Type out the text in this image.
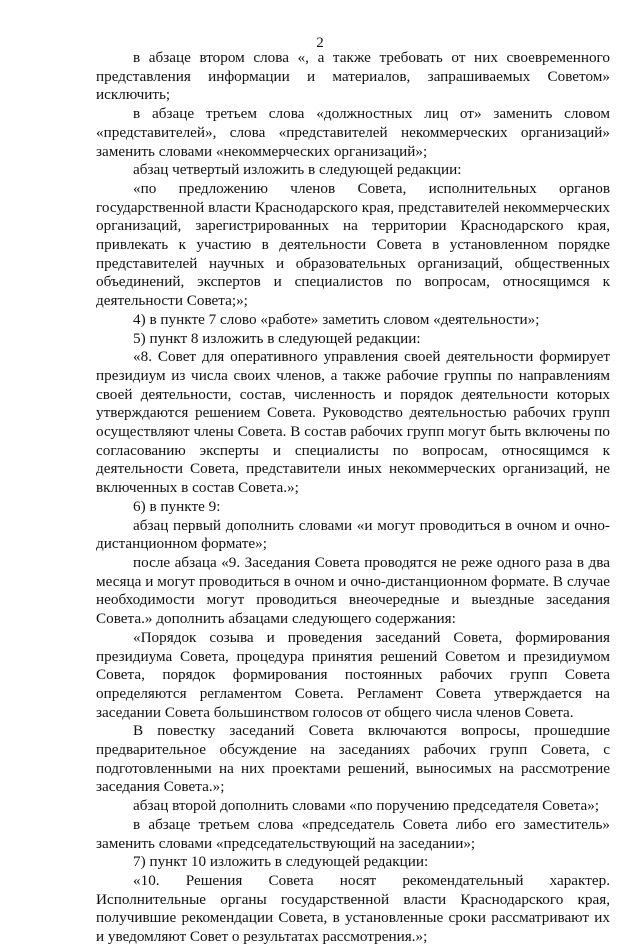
2

в абзаце втором слова «, а также требовать от них своевременного представления информации и материалов, запрашиваемых Советом» исключить;

в абзаце третьем слова «должностных лиц от» заменить словом «представителей», слова «представителей некоммерческих организаций» заменить словами «некоммерческих организаций»;

абзац четвертый изложить в следующей редакции:

«по предложению членов Совета, исполнительных органов государственной власти Краснодарского края, представителей некоммерческих организаций, зарегистрированных на территории Краснодарского края, привлекать к участию в деятельности Совета в установленном порядке представителей научных и образовательных организаций, общественных объединений, экспертов и специалистов по вопросам, относящимся к деятельности Совета;»;

4) в пункте 7 слово «работе» заметить словом «деятельности»;

5) пункт 8 изложить в следующей редакции:

«8. Совет для оперативного управления своей деятельности формирует президиум из числа своих членов, а также рабочие группы по направлениям своей деятельности, состав, численность и порядок деятельности которых утверждаются решением Совета. Руководство деятельностью рабочих групп осуществляют члены Совета. В состав рабочих групп могут быть включены по согласованию эксперты и специалисты по вопросам, относящимся к деятельности Совета, представители иных некоммерческих организаций, не включенных в состав Совета.»;

6) в пункте 9:

абзац первый дополнить словами «и могут проводиться в очном и очно-дистанционном формате»;

после абзаца «9. Заседания Совета проводятся не реже одного раза в два месяца и могут проводиться в очном и очно-дистанционном формате. В случае необходимости могут проводиться внеочередные и выездные заседания Совета.» дополнить абзацами следующего содержания:

«Порядок созыва и проведения заседаний Совета, формирования президиума Совета, процедура принятия решений Советом и президиумом Совета, порядок формирования постоянных рабочих групп Совета определяются регламентом Совета. Регламент Совета утверждается на заседании Совета большинством голосов от общего числа членов Совета.

В повестку заседаний Совета включаются вопросы, прошедшие предварительное обсуждение на заседаниях рабочих групп Совета, с подготовленными на них проектами решений, выносимых на рассмотрение заседания Совета.»;

абзац второй дополнить словами «по поручению председателя Совета»;

в абзаце третьем слова «председатель Совета либо его заместитель» заменить словами «председательствующий на заседании»;

7) пункт 10 изложить в следующей редакции:

«10. Решения Совета носят рекомендательный характер. Исполнительные органы государственной власти Краснодарского края, получившие рекомендации Совета, в установленные сроки рассматривают их и уведомляют Совет о результатах рассмотрения.»;
